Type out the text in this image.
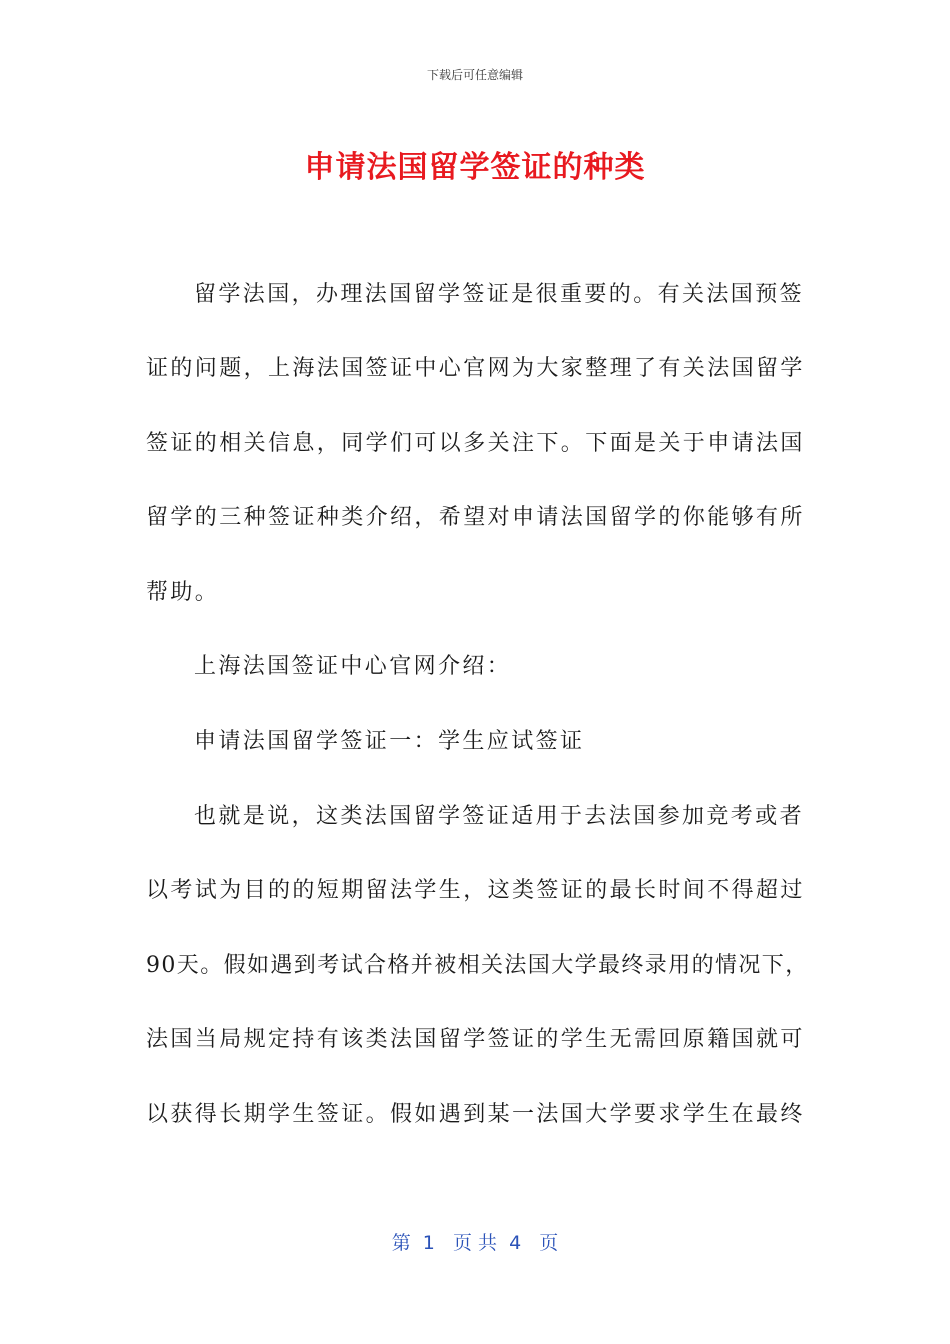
下载后可任意编辑
申请法国留学签证的种类
留学法国，办理法国留学签证是很重要的。有关法国预签
证的问题，上海法国签证中心官网为大家整理了有关法国留学
签证的相关信息，同学们可以多关注下。下面是关于申请法国
留学的三种签证种类介绍，希望对申请法国留学的你能够有所
帮助。
上海法国签证中心官网介绍：
申请法国留学签证一：学生应试签证
也就是说，这类法国留学签证适用于去法国参加竞考或者
以考试为目的的短期留法学生，这类签证的最长时间不得超过
90天。假如遇到考试合格并被相关法国大学最终录用的情况下，
法国当局规定持有该类法国留学签证的学生无需回原籍国就可
以获得长期学生签证。假如遇到某一法国大学要求学生在最终
第  1   页 共  4   页
